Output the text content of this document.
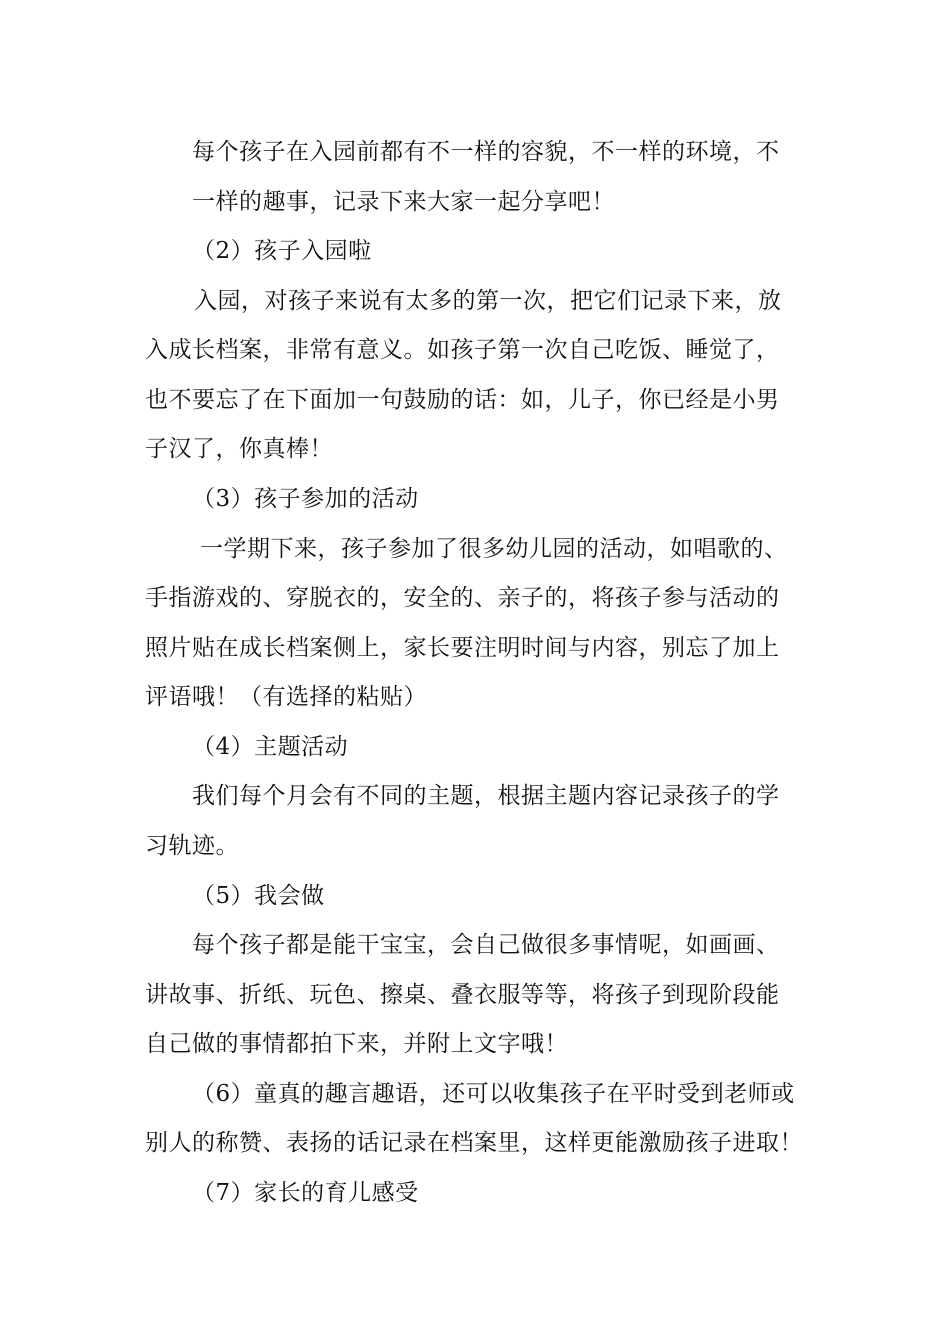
每个孩子在入园前都有不一样的容貌，不一样的环境，不
一样的趣事，记录下来大家一起分享吧！
（2）孩子入园啦
入园，对孩子来说有太多的第一次，把它们记录下来，放
入成长档案，非常有意义。如孩子第一次自己吃饭、睡觉了，
也不要忘了在下面加一句鼓励的话：如，儿子，你已经是小男
子汉了，你真棒！
（3）孩子参加的活动
一学期下来，孩子参加了很多幼儿园的活动，如唱歌的、
手指游戏的、穿脱衣的，安全的、亲子的，将孩子参与活动的
照片贴在成长档案侧上，家长要注明时间与内容，别忘了加上
评语哦！（有选择的粘贴）
（4）主题活动
我们每个月会有不同的主题，根据主题内容记录孩子的学
习轨迹。
（5）我会做
每个孩子都是能干宝宝，会自己做很多事情呢，如画画、
讲故事、折纸、玩色、擦桌、叠衣服等等，将孩子到现阶段能
自己做的事情都拍下来，并附上文字哦！
（6）童真的趣言趣语，还可以收集孩子在平时受到老师或
别人的称赞、表扬的话记录在档案里，这样更能激励孩子进取！
（7）家长的育儿感受
